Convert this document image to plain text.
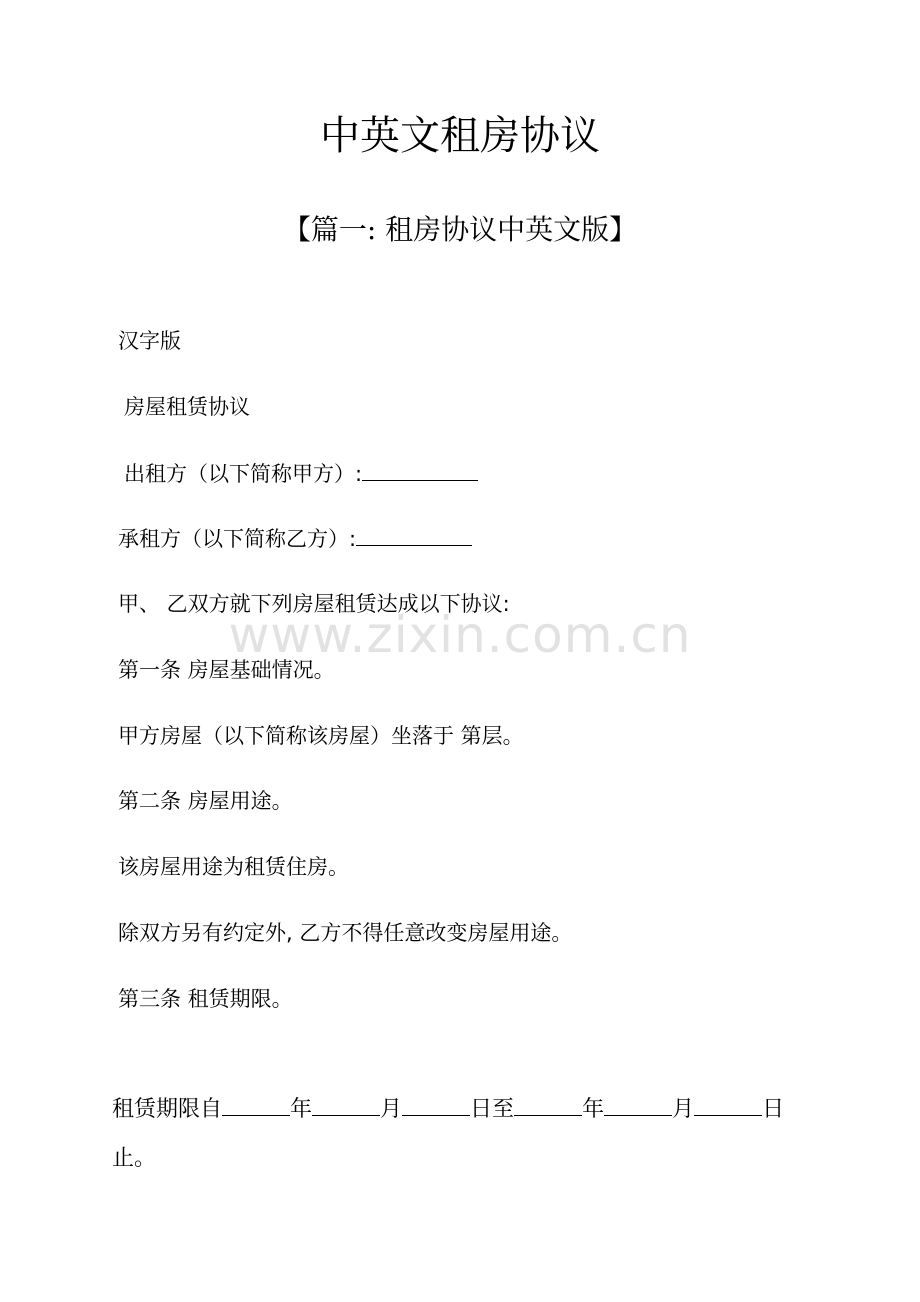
中英文租房协议
【篇一: 租房协议中英文版】
汉字版
房屋租赁协议
出租方（以下简称甲方）:
承租方（以下简称乙方）:
甲、 乙双方就下列房屋租赁达成以下协议:
www.zixin.com.cn
第一条 房屋基础情况。
甲方房屋（以下简称该房屋）坐落于 第层。
第二条 房屋用途。
该房屋用途为租赁住房。
除双方另有约定外, 乙方不得任意改变房屋用途。
第三条 租赁期限。
租赁期限自	年	月	日至	年	月	日
止。
